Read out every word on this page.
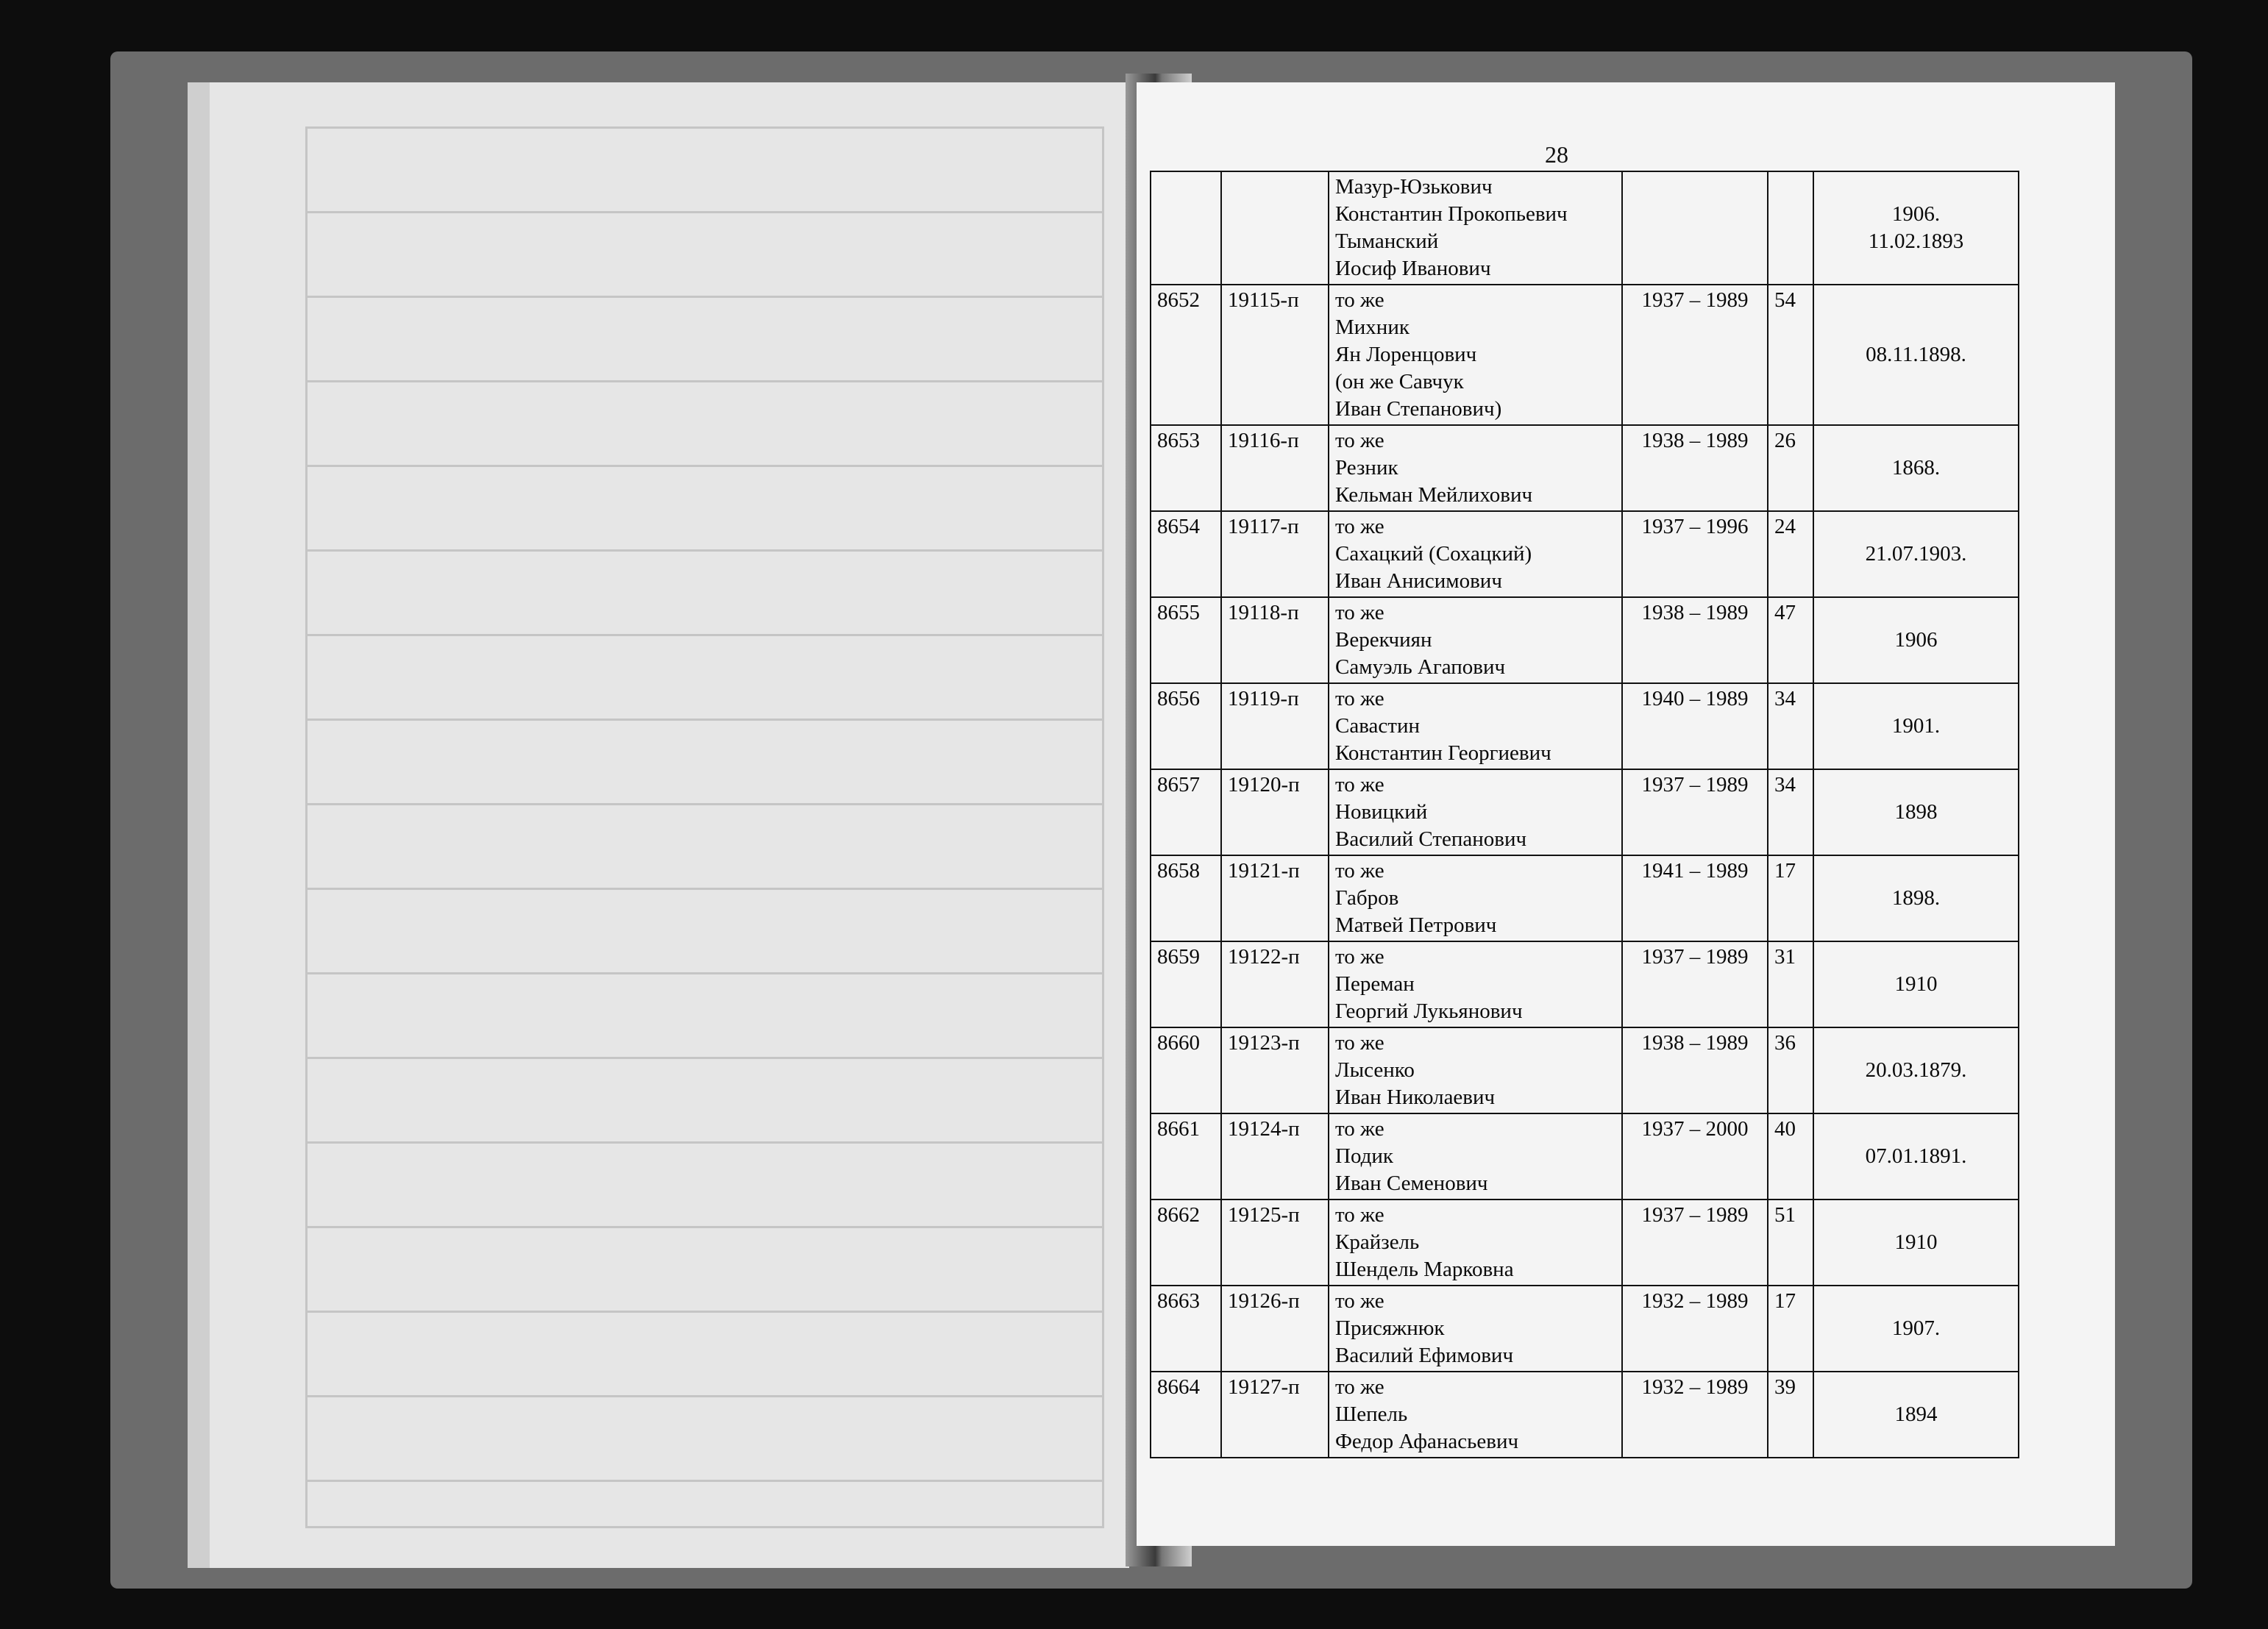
28

		Мазур-Юзькович
Константин Прокопьевич
Тыманский
Иосиф Иванович			1906.
11.02.1893

8652	19115-п	то же
Михник
Ян Лоренцович
(он же Савчук
Иван Степанович)	1937 – 1989	54	08.11.1898.

8653	19116-п	то же
Резник
Кельман Мейлихович	1938 – 1989	26	1868.

8654	19117-п	то же
Сахацкий (Сохацкий)
Иван Анисимович	1937 – 1996	24	21.07.1903.

8655	19118-п	то же
Верекчиян
Самуэль Агапович	1938 – 1989	47	1906

8656	19119-п	то же
Савастин
Константин Георгиевич	1940 – 1989	34	1901.

8657	19120-п	то же
Новицкий
Василий Степанович	1937 – 1989	34	1898

8658	19121-п	то же
Габров
Матвей Петрович	1941 – 1989	17	1898.

8659	19122-п	то же
Переман
Георгий Лукьянович	1937 – 1989	31	1910

8660	19123-п	то же
Лысенко
Иван Николаевич	1938 – 1989	36	20.03.1879.

8661	19124-п	то же
Подик
Иван Семенович	1937 – 2000	40	07.01.1891.

8662	19125-п	то же
Крайзель
Шендель Марковна	1937 – 1989	51	1910

8663	19126-п	то же
Присяжнюк
Василий Ефимович	1932 – 1989	17	1907.

8664	19127-п	то же
Шепель
Федор Афанасьевич	1932 – 1989	39	1894
